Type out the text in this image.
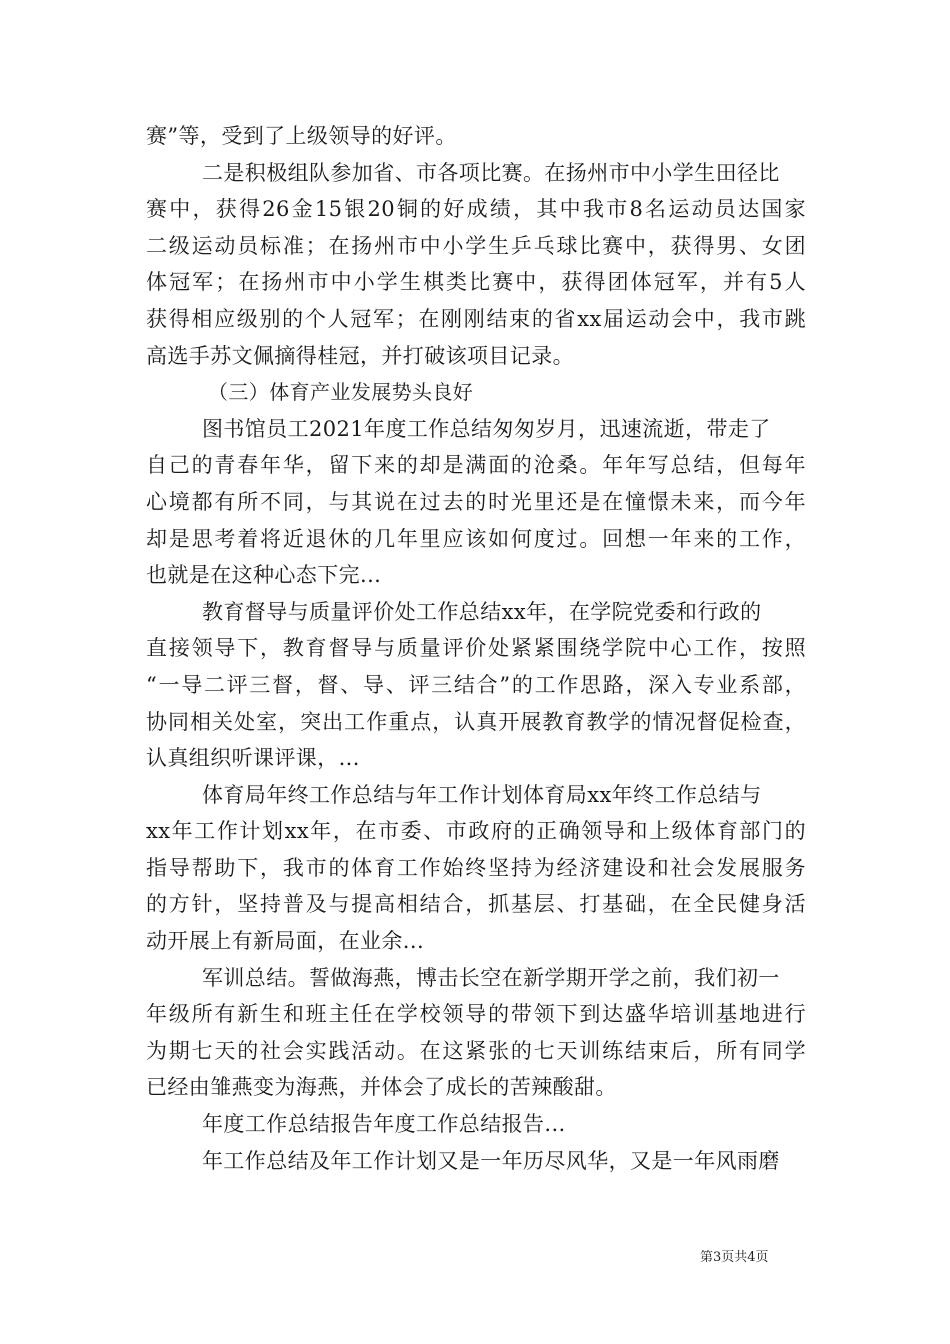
赛”等，受到了上级领导的好评。
二是积极组队参加省、市各项比赛。在扬州市中小学生田径比
赛中，获得26金15银20铜的好成绩，其中我市8名运动员达国家
二级运动员标准；在扬州市中小学生乒乓球比赛中，获得男、女团
体冠军；在扬州市中小学生棋类比赛中，获得团体冠军，并有5人
获得相应级别的个人冠军；在刚刚结束的省xx届运动会中，我市跳
高选手苏文佩摘得桂冠，并打破该项目记录。
（三）体育产业发展势头良好
图书馆员工2021年度工作总结匆匆岁月，迅速流逝，带走了
自己的青春年华，留下来的却是满面的沧桑。年年写总结，但每年
心境都有所不同，与其说在过去的时光里还是在憧憬未来，而今年
却是思考着将近退休的几年里应该如何度过。回想一年来的工作，
也就是在这种心态下完...
教育督导与质量评价处工作总结xx年，在学院党委和行政的
直接领导下，教育督导与质量评价处紧紧围绕学院中心工作，按照
“一导二评三督，督、导、评三结合”的工作思路，深入专业系部，
协同相关处室，突出工作重点，认真开展教育教学的情况督促检查，
认真组织听课评课，...
体育局年终工作总结与年工作计划体育局xx年终工作总结与
xx年工作计划xx年，在市委、市政府的正确领导和上级体育部门的
指导帮助下，我市的体育工作始终坚持为经济建设和社会发展服务
的方针，坚持普及与提高相结合，抓基层、打基础，在全民健身活
动开展上有新局面，在业余...
军训总结。誓做海燕，博击长空在新学期开学之前，我们初一
年级所有新生和班主任在学校领导的带领下到达盛华培训基地进行
为期七天的社会实践活动。在这紧张的七天训练结束后，所有同学
已经由雏燕变为海燕，并体会了成长的苦辣酸甜。
年度工作总结报告年度工作总结报告...
年工作总结及年工作计划又是一年历尽风华，又是一年风雨磨
第3页共4页
